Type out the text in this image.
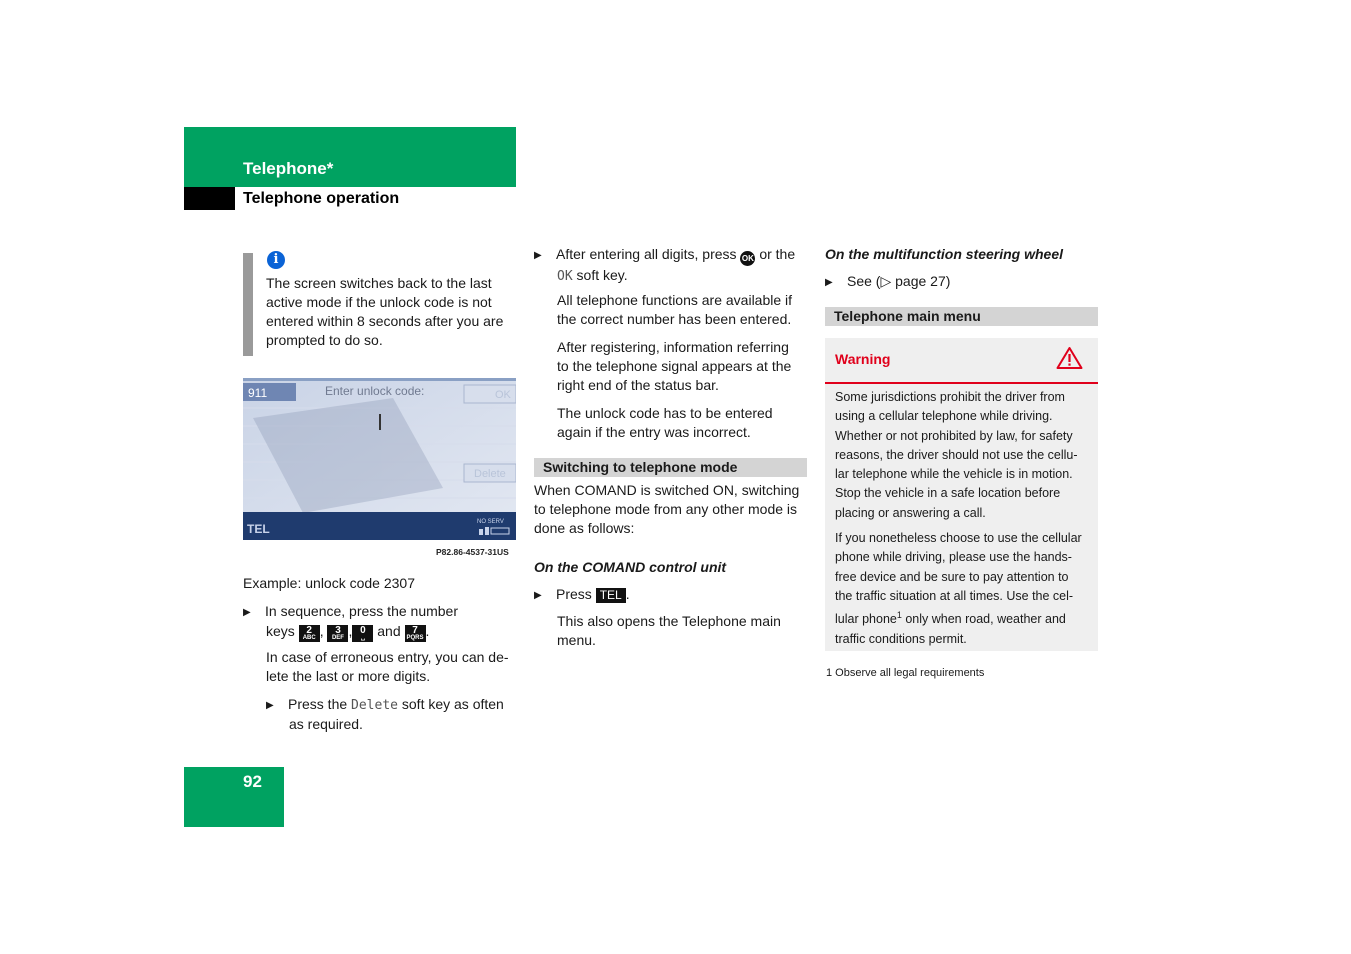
Telephone*
Telephone operation
i
The screen switches back to the last
active mode if the unlock code is not
entered within 8 seconds after you are
prompted to do so.
911	Enter unlock code:	OK
Delete
TEL	NO SERV
P82.86-4537-31US
Example: unlock code 2307
▶ In sequence, press the number
keys	2
ABC ,	3
DEF , 0
␣ and	7
PQRS .
In case of erroneous entry, you can de-
lete the last or more digits.
▶ Press the Delete soft key as often
as required.
▶ After entering all digits, press OK or the
OK soft key.
All telephone functions are available if
the correct number has been entered.
After registering, information referring
to the telephone signal appears at the
right end of the status bar.
The unlock code has to be entered
again if the entry was incorrect.
Switching to telephone mode
When COMAND is switched ON, switching
to telephone mode from any other mode is
done as follows:
On the COMAND control unit
▶ Press TEL .
This also opens the Telephone main
menu.
On the multifunction steering wheel
▶ See (▷ page 27)
Telephone main menu
Warning
Some jurisdictions prohibit the driver from
using a cellular telephone while driving.
Whether or not prohibited by law, for safety
reasons, the driver should not use the cellu-
lar telephone while the vehicle is in motion.
Stop the vehicle in a safe location before
placing or answering a call.
If you nonetheless choose to use the cellular
phone while driving, please use the hands-
free device and be sure to pay attention to
the traffic situation at all times. Use the cel-
lular phone$^1$ only when road, weather and
traffic conditions permit.
1 Observe all legal requirements
92
